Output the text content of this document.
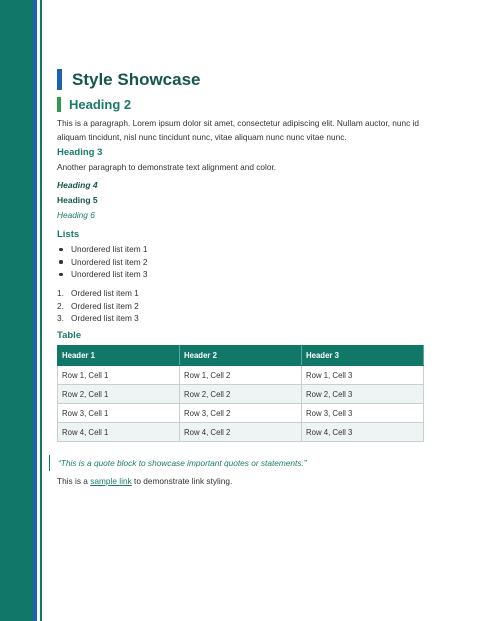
Style Showcase
Heading 2
This is a paragraph. Lorem ipsum dolor sit amet, consectetur adipiscing elit. Nullam auctor, nunc id aliquam tincidunt, nisl nunc tincidunt nunc, vitae aliquam nunc nunc vitae nunc.
Heading 3
Another paragraph to demonstrate text alignment and color.
Heading 4
Heading 5
Heading 6
Lists
Unordered list item 1
Unordered list item 2
Unordered list item 3
1. Ordered list item 1
2. Ordered list item 2
3. Ordered list item 3
Table
Header 1	Header 2	Header 3
Row 1, Cell 1	Row 1, Cell 2	Row 1, Cell 3
Row 2, Cell 1	Row 2, Cell 2	Row 2, Cell 3
Row 3, Cell 1	Row 3, Cell 2	Row 3, Cell 3
Row 4, Cell 1	Row 4, Cell 2	Row 4, Cell 3
“This is a quote block to showcase important quotes or statements.”
This is a sample link to demonstrate link styling.
